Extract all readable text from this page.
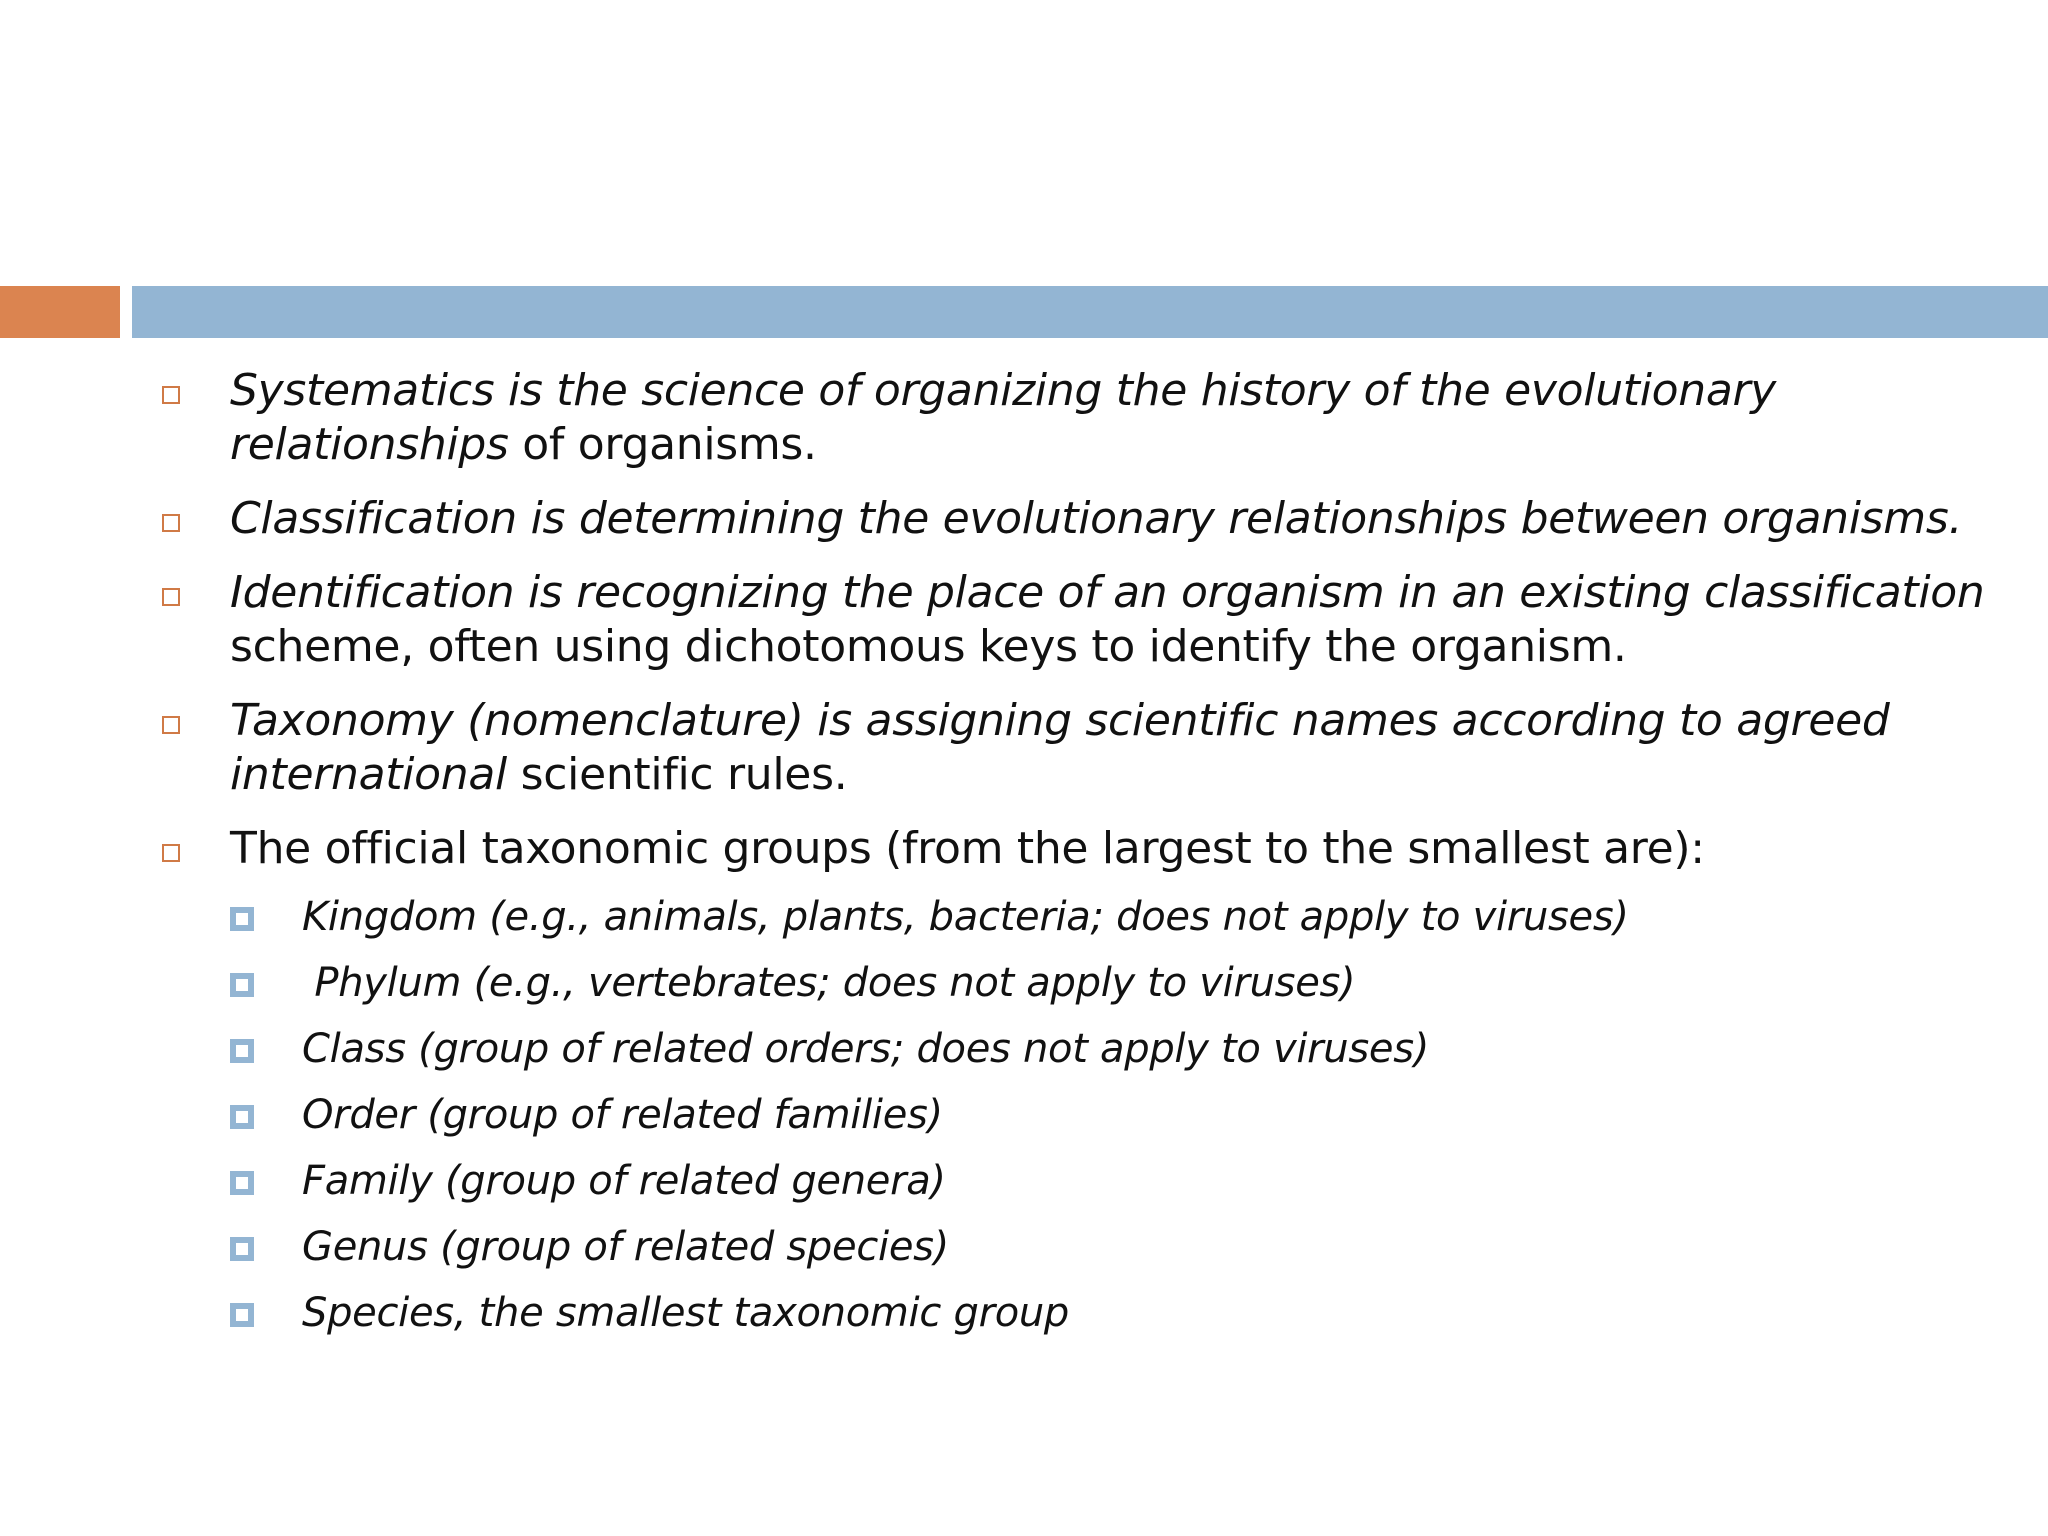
Systematics is the science of organizing the history of the evolutionary relationships of organisms.
Classification is determining the evolutionary relationships between organisms.
Identification is recognizing the place of an organism in an existing classification scheme, often using dichotomous keys to identify the organism.
Taxonomy (nomenclature) is assigning scientific names according to agreed international scientific rules.
The official taxonomic groups (from the largest to the smallest are):
Kingdom (e.g., animals, plants, bacteria; does not apply to viruses)
Phylum (e.g., vertebrates; does not apply to viruses)
Class (group of related orders; does not apply to viruses)
Order (group of related families)
Family (group of related genera)
Genus (group of related species)
Species, the smallest taxonomic group
